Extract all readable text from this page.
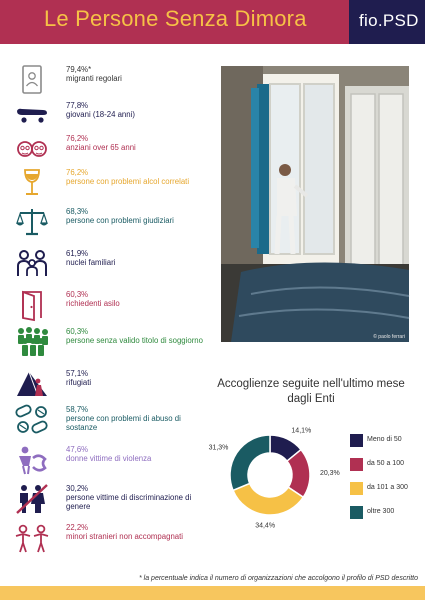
Le Persone Senza Dimora	fio.PSD
79,4%*
migranti regolari
77,8%
giovani (18-24 anni)
76,2%
anziani over 65 anni
76,2%
persone con problemi alcol correlati
68,3%
persone con problemi giudiziari
61,9%
nuclei familiari
60,3%
richiedenti asilo
60,3%
persone senza valido titolo di soggiorno
57,1%
rifugiati
58,7%
persone con problemi di abuso di sostanze
47,6%
donne vittime di violenza
30,2%
persone vittime di discriminazione di genere
22,2%
minori stranieri non accompagnati
© paolo ferrari
Accoglienze seguite nell'ultimo mese dagli Enti
14,1%
20,3%
34,4%
31,3%
Meno di 50
da 50 a 100
da 101 a 300
oltre 300
* la percentuale indica il numero di organizzazioni che accolgono il profilo di PSD descritto
